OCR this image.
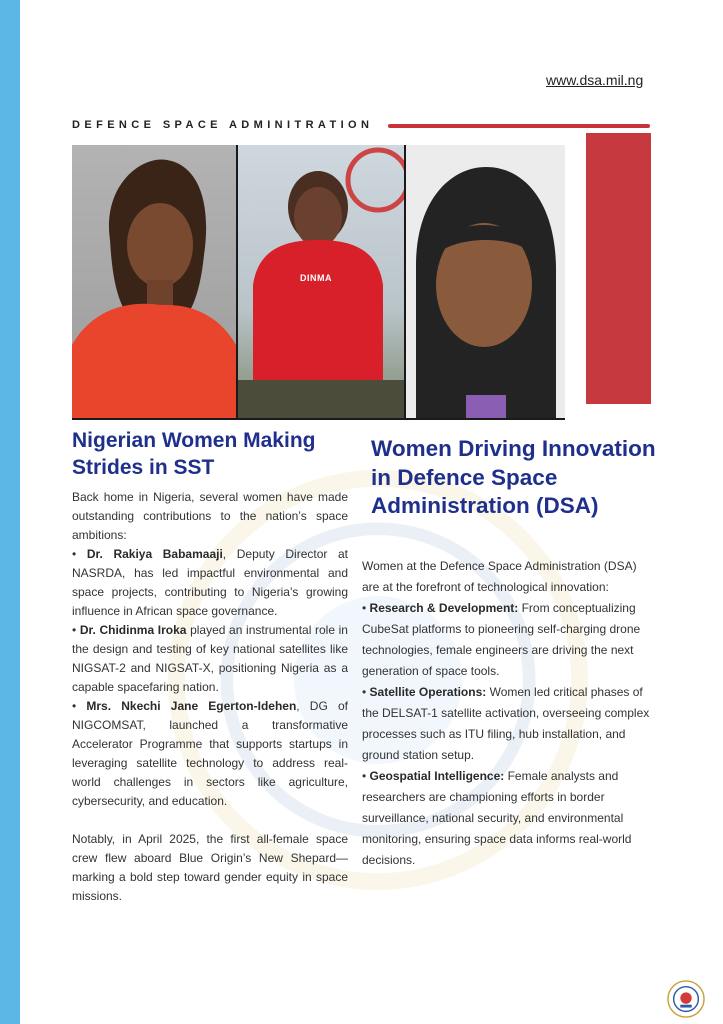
www.dsa.mil.ng
DEFENCE SPACE ADMINITRATION
DINMA
Nigerian Women Making Strides in SST
Women Driving Innovation in Defence Space Administration (DSA)

Back home in Nigeria, several women have made outstanding contributions to the nation’s space ambitions:

• Dr. Rakiya Babamaaji, Deputy Director at NASRDA, has led impactful environmental and space projects, contributing to Nigeria’s growing influence in African space governance.

• Dr. Chidinma Iroka played an instrumental role in the design and testing of key national satellites like NIGSAT-2 and NIGSAT-X, positioning Nigeria as a capable spacefaring nation.

• Mrs. Nkechi Jane Egerton-Idehen, DG of NIGCOMSAT, launched a transformative Accelerator Programme that supports startups in leveraging satellite technology to address real-world challenges in sectors like agriculture, cybersecurity, and education.

Notably, in April 2025, the first all-female space crew flew aboard Blue Origin’s New Shepard—marking a bold step toward gender equity in space missions.

Women at the Defence Space Administration (DSA) are at the forefront of technological innovation:

• Research & Development: From conceptualizing CubeSat platforms to pioneering self-charging drone technologies, female engineers are driving the next generation of space tools.

• Satellite Operations: Women led critical phases of the DELSAT-1 satellite activation, overseeing complex processes such as ITU filing, hub installation, and ground station setup.

• Geospatial Intelligence: Female analysts and researchers are championing efforts in border surveillance, national security, and environmental monitoring, ensuring space data informs real-world decisions.
